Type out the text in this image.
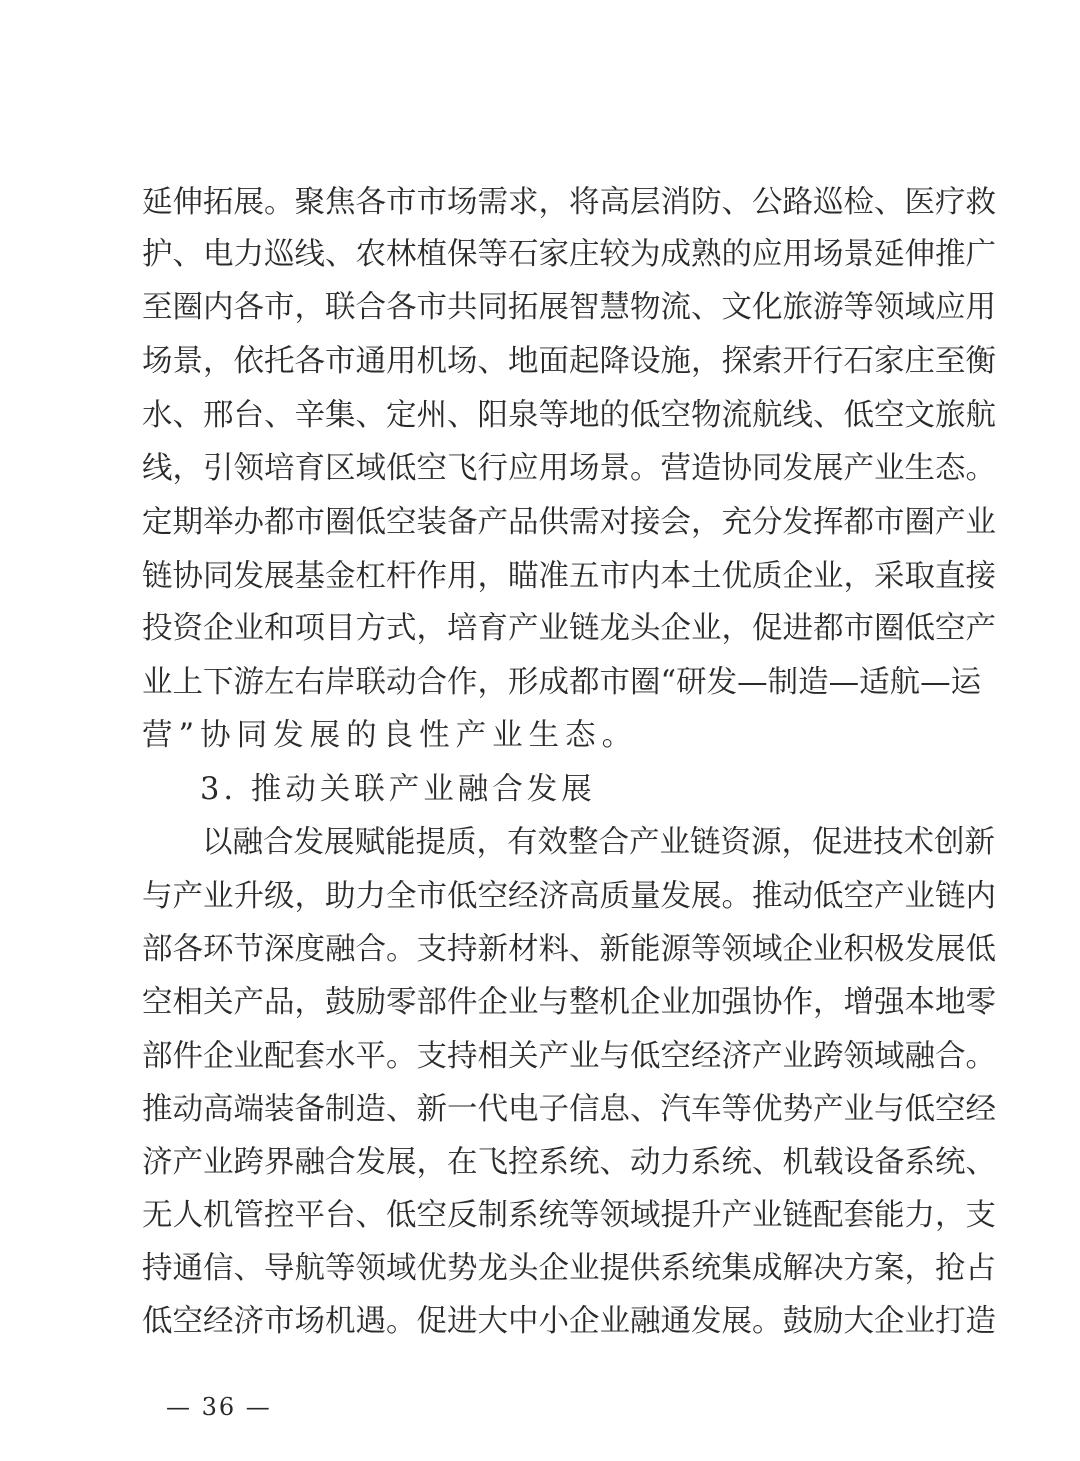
延伸拓展。聚焦各市市场需求，将高层消防、公路巡检、医疗救
护、电力巡线、农林植保等石家庄较为成熟的应用场景延伸推广
至圈内各市，联合各市共同拓展智慧物流、文化旅游等领域应用
场景，依托各市通用机场、地面起降设施，探索开行石家庄至衡
水、邢台、辛集、定州、阳泉等地的低空物流航线、低空文旅航
线，引领培育区域低空飞行应用场景。营造协同发展产业生态。
定期举办都市圈低空装备产品供需对接会，充分发挥都市圈产业
链协同发展基金杠杆作用，瞄准五市内本土优质企业，采取直接
投资企业和项目方式，培育产业链龙头企业，促进都市圈低空产
业上下游左右岸联动合作，形成都市圈“研发—制造—适航—运
营”协同发展的良性产业生态。
3. 推动关联产业融合发展
以融合发展赋能提质，有效整合产业链资源，促进技术创新
与产业升级，助力全市低空经济高质量发展。推动低空产业链内
部各环节深度融合。支持新材料、新能源等领域企业积极发展低
空相关产品，鼓励零部件企业与整机企业加强协作，增强本地零
部件企业配套水平。支持相关产业与低空经济产业跨领域融合。
推动高端装备制造、新一代电子信息、汽车等优势产业与低空经
济产业跨界融合发展，在飞控系统、动力系统、机载设备系统、
无人机管控平台、低空反制系统等领域提升产业链配套能力，支
持通信、导航等领域优势龙头企业提供系统集成解决方案，抢占
低空经济市场机遇。促进大中小企业融通发展。鼓励大企业打造
— 36 —
